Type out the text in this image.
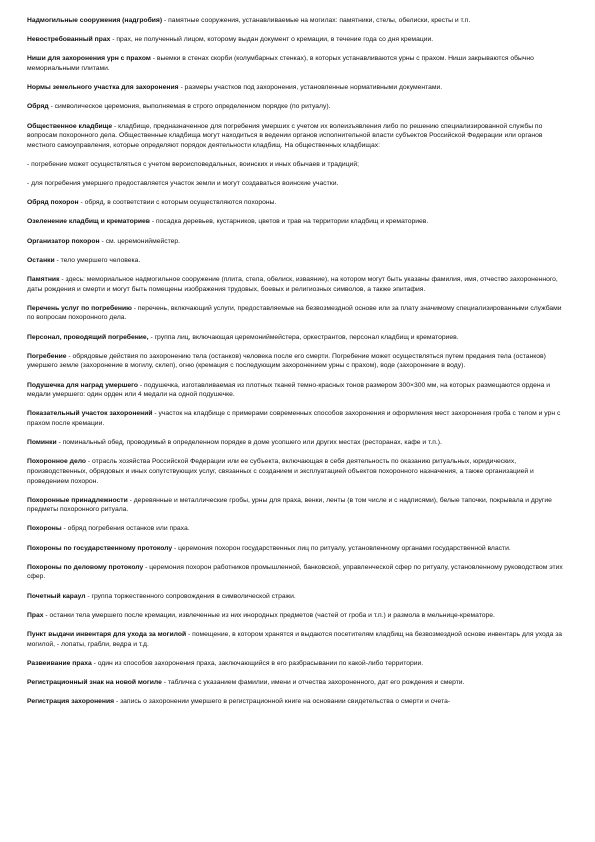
Надмогильные сооружения (надгробия) - памятные сооружения, устанавливаемые на могилах: памятники, стелы, обелиски, кресты и т.п.

Невостребованный прах - прах, не полученный лицом, которому выдан документ о кремации, в течение года со дня кремации.

Ниши для захоронения урн с прахом - выемки в стенах скорби (колумбарных стенках), в которых устанавливаются урны с прахом. Ниши закрываются обычно мемориальными плитами.

Нормы земельного участка для захоронения - размеры участков под захоронения, установленные нормативными документами.

Обряд - символическое церемония, выполняемая в строго определенном порядке (по ритуалу).

Общественное кладбище - кладбище, предназначенное для погребения умерших с учетом их волеизъявления либо по решению специализированной службы по вопросам похоронного дела. Общественные кладбища могут находиться в ведении органов исполнительной власти субъектов Российской Федерации или органов местного самоуправления, которые определяют порядок деятельности кладбищ. На общественных кладбищах:

- погребение может осуществляться с учетом вероисповедальных, воинских и иных обычаев и традиций;

- для погребения умершего предоставляется участок земли и могут создаваться воинские участки.

Обряд похорон - обряд, в соответствии с которым осуществляются похороны.

Озеленение кладбищ и крематориев - посадка деревьев, кустарников, цветов и трав на территории кладбищ и крематориев.

Организатор похорон - см. церемониймейстер.

Останки - тело умершего человека.

Памятник - здесь: мемориальное надмогильное сооружение (плита, стела, обелиск, изваяние), на котором могут быть указаны фамилия, имя, отчество захороненного, даты рождения и смерти и могут быть помещены изображения трудовых, боевых и религиозных символов, а также эпитафия.

Перечень услуг по погребению - перечень, включающий услуги, предоставляемые на безвозмездной основе или за плату значимому специализированными службами по вопросам похоронного дела.

Персонал, проводящий погребение, - группа лиц, включающая церемониймейстера, оркестрантов, персонал кладбищ и крематориев.

Погребение - обрядовые действия по захоронению тела (останков) человека после его смерти. Погребение может осуществляться путем предания тела (останков) умершего земле (захоронение в могилу, склеп), огню (кремация с последующим захоронением урны с прахом), воде (захоронение в воду).

Подушечка для наград умершего - подушечка, изготавливаемая из плотных тканей темно-красных тонов размером 300×300 мм, на которых размещаются ордена и медали умершего: один орден или 4 медали на одной подушечке.

Показательный участок захоронений - участок на кладбище с примерами современных способов захоронения и оформления мест захоронения гроба с телом и урн с прахом после кремации.

Поминки - поминальный обед, проводимый в определенном порядке в доме усопшего или других местах (ресторанах, кафе и т.п.).

Похоронное дело - отрасль хозяйства Российской Федерации или ее субъекта, включающая в себя деятельность по оказанию ритуальных, юридических, производственных, обрядовых и иных сопутствующих услуг, связанных с созданием и эксплуатацией объектов похоронного назначения, а также организацией и проведением похорон.

Похоронные принадлежности - деревянные и металлические гробы, урны для праха, венки, ленты (в том числе и с надписями), белые тапочки, покрывала и другие предметы похоронного ритуала.

Похороны - обряд погребения останков или праха.

Похороны по государственному протоколу - церемония похорон государственных лиц по ритуалу, установленному органами государственной власти.

Похороны по деловому протоколу - церемония похорон работников промышленной, банковской, управленческой сфер по ритуалу, установленному руководством этих сфер.

Почетный караул - группа торжественного сопровождения в символической стражи.

Прах - останки тела умершего после кремации, извлеченные из них инородных предметов (частей от гроба и т.п.) и размола в мельнице-крематоре.

Пункт выдачи инвентаря для ухода за могилой - помещение, в котором хранятся и выдаются посетителям кладбищ на безвозмездной основе инвентарь для ухода за могилой, - лопаты, грабли, ведра и т.д.

Развеивание праха - один из способов захоронения праха, заключающийся в его разбрасывании по какой-либо территории.

Регистрационный знак на новой могиле - табличка с указанием фамилии, имени и отчества захороненного, дат его рождения и смерти.

Регистрация захоронения - запись о захоронении умершего в регистрационной книге на основании свидетельства о смерти и счета-
